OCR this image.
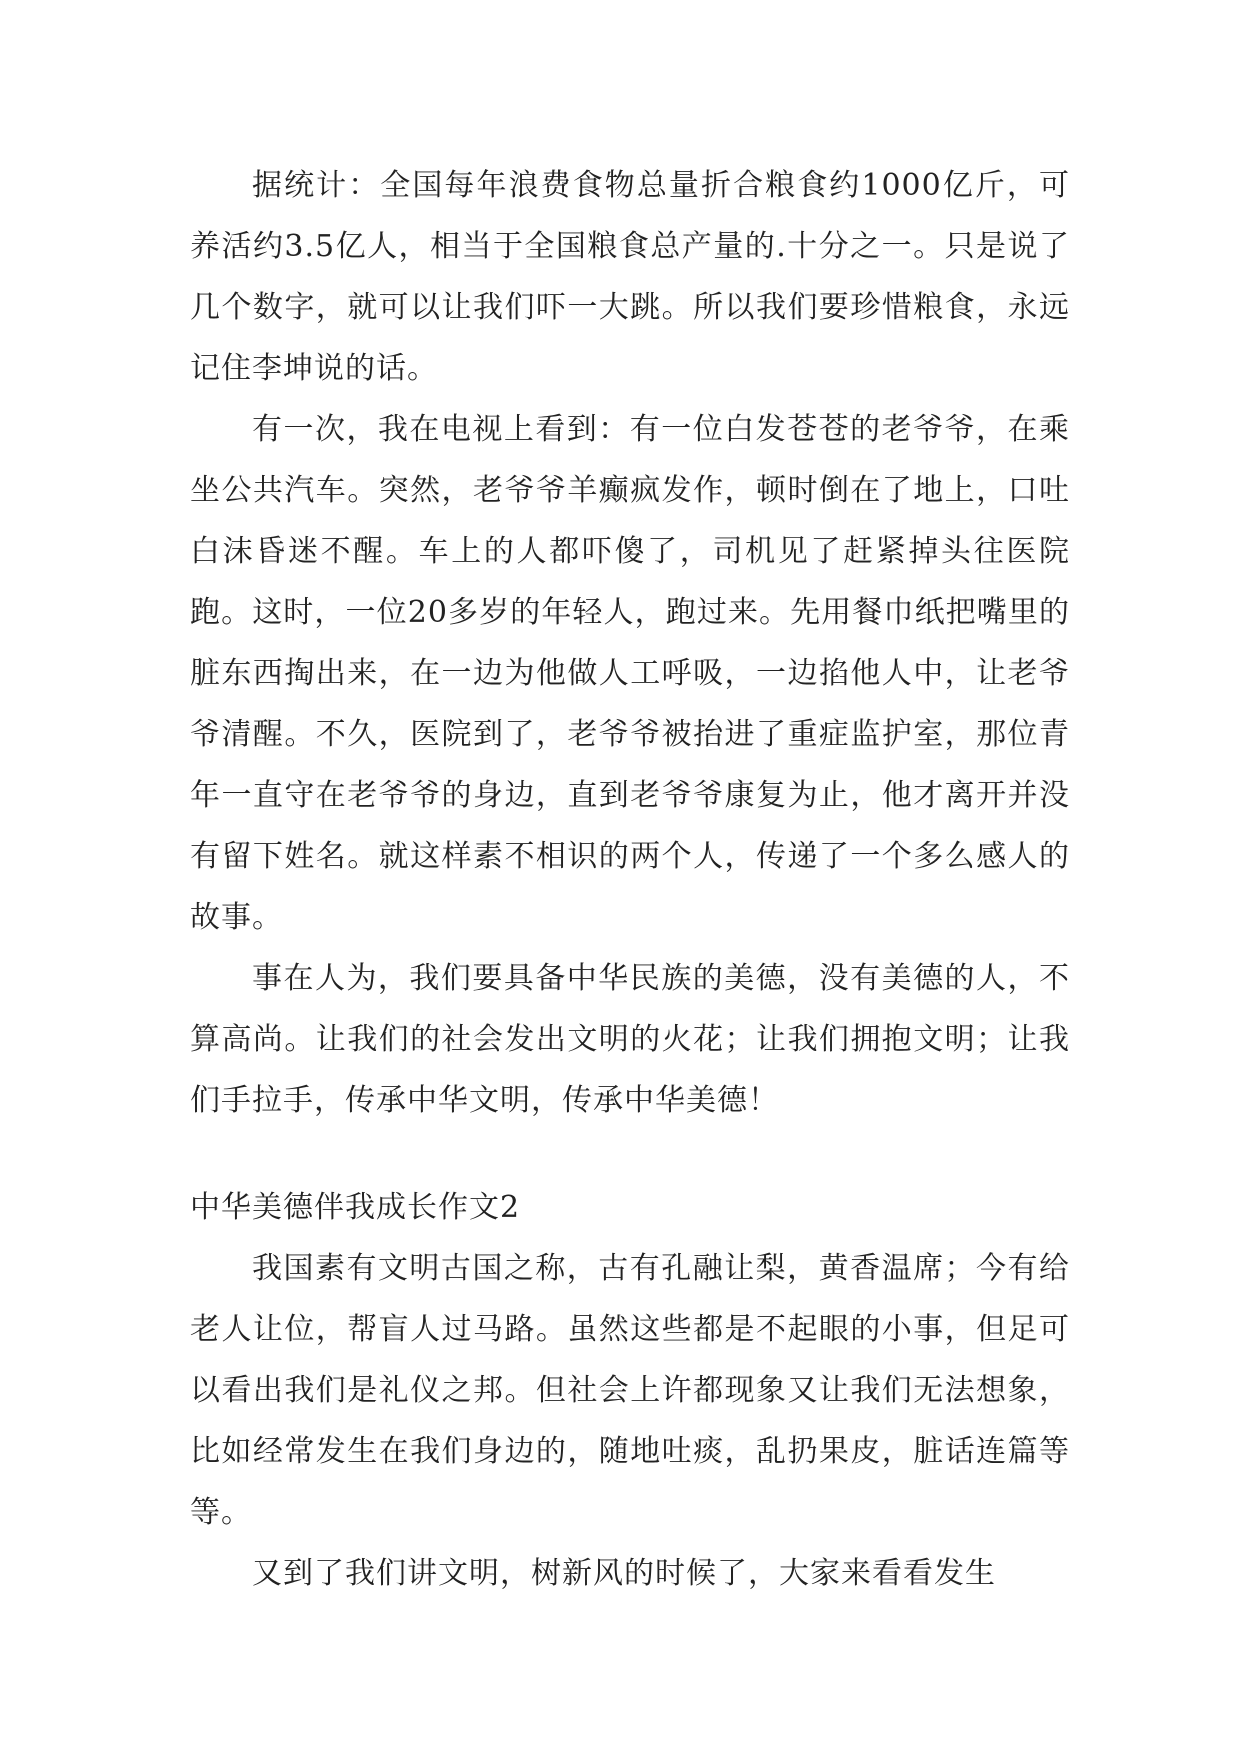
据统计：全国每年浪费食物总量折合粮食约1000亿斤，可养活约3.5亿人，相当于全国粮食总产量的.十分之一。只是说了几个数字，就可以让我们吓一大跳。所以我们要珍惜粮食，永远记住李坤说的话。

有一次，我在电视上看到：有一位白发苍苍的老爷爷，在乘坐公共汽车。突然，老爷爷羊癫疯发作，顿时倒在了地上，口吐白沫昏迷不醒。车上的人都吓傻了，司机见了赶紧掉头往医院跑。这时，一位20多岁的年轻人，跑过来。先用餐巾纸把嘴里的脏东西掏出来，在一边为他做人工呼吸，一边掐他人中，让老爷爷清醒。不久，医院到了，老爷爷被抬进了重症监护室，那位青年一直守在老爷爷的身边，直到老爷爷康复为止，他才离开并没有留下姓名。就这样素不相识的两个人，传递了一个多么感人的故事。

事在人为，我们要具备中华民族的美德，没有美德的人，不算高尚。让我们的社会发出文明的火花；让我们拥抱文明；让我们手拉手，传承中华文明，传承中华美德！

中华美德伴我成长作文2

我国素有文明古国之称，古有孔融让梨，黄香温席；今有给老人让位，帮盲人过马路。虽然这些都是不起眼的小事，但足可以看出我们是礼仪之邦。但社会上许都现象又让我们无法想象，比如经常发生在我们身边的，随地吐痰，乱扔果皮，脏话连篇等等。

又到了我们讲文明，树新风的时候了，大家来看看发生
